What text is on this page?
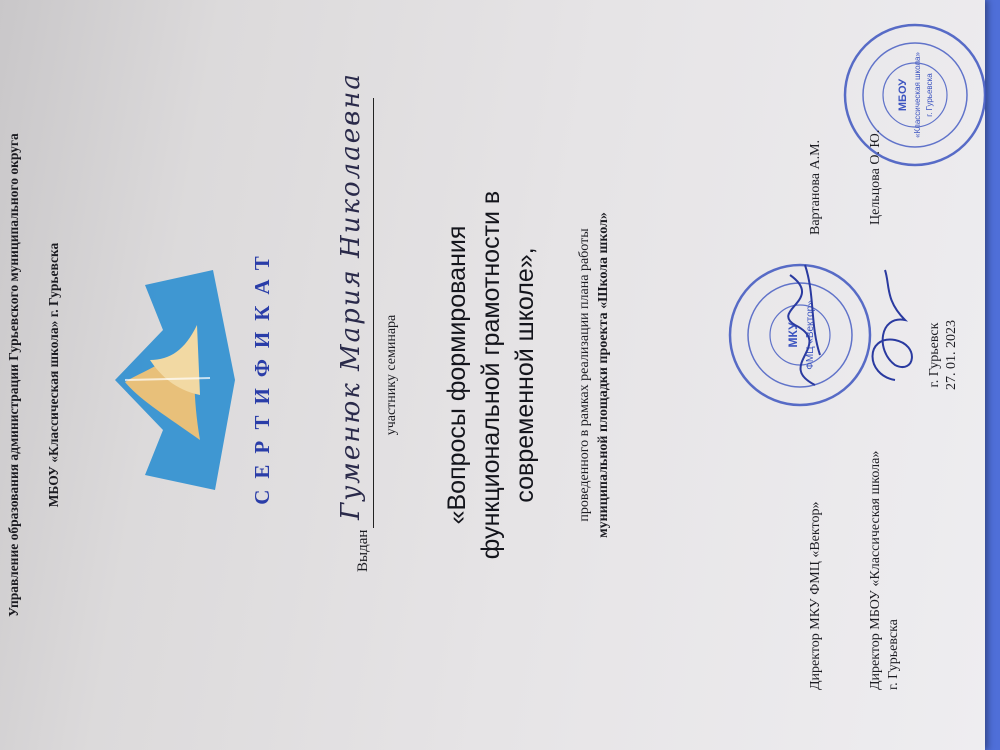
Управление образования администрации Гурьевского муниципального округа МБОУ «Классическая школа» г. Гурьевска	СЕРТИФИКАТ
Выдан
Гуменюк Мария Николаевна участнику семинара «Вопросы формирования функциональной грамотности в современной школе»,	проведенного в рамках реализации плана работы муниципальной площадки проекта «Школа школ»	МКУ ФМЦ «Вектор»
МБОУ «Классическая школа» г. Гурьевска
Директор МКУ ФМЦ «Вектор»
Вартанова А.М.
Директор МБОУ «Классическая школа» г. Гурьевска
Цельцова О. Ю.
г. Гурьевск 27. 01. 2023
